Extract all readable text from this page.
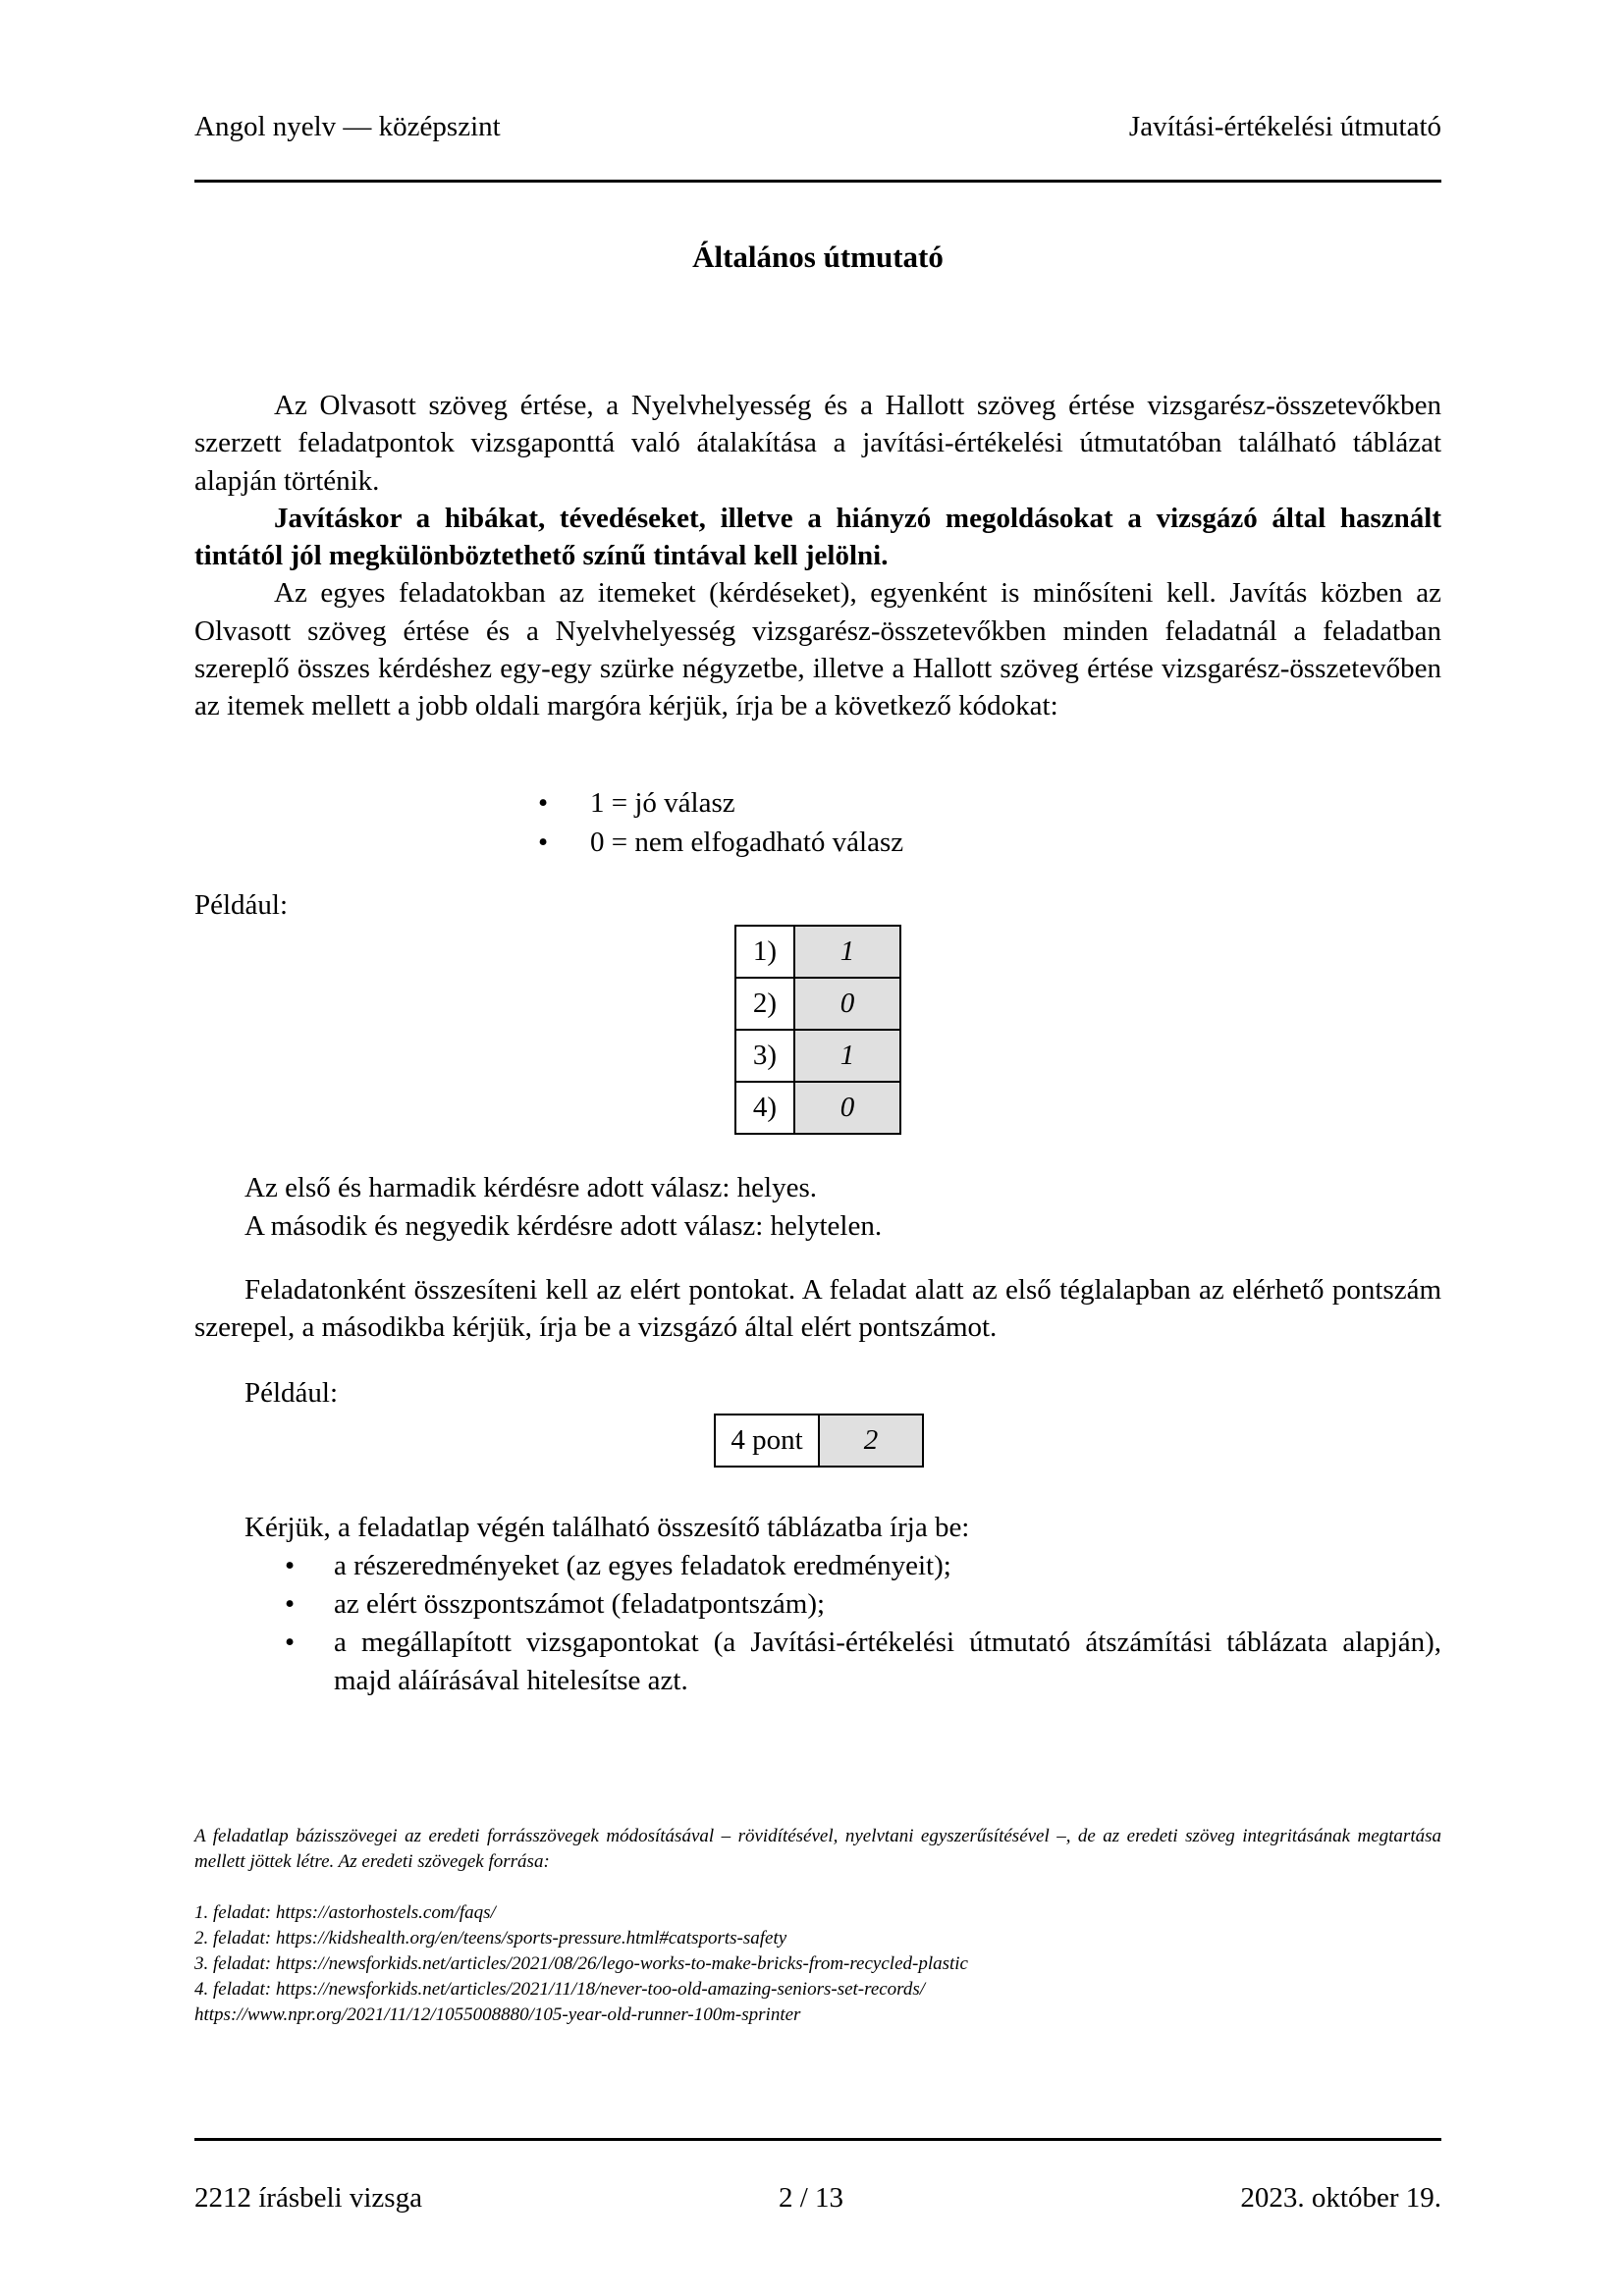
Angol nyelv — középszint	Javítási-értékelési útmutató
Általános útmutató

Az Olvasott szöveg értése, a Nyelvhelyesség és a Hallott szöveg értése vizsgarész-összetevőkben szerzett feladatpontok vizsgaponttá való átalakítása a javítási-értékelési útmutatóban található táblázat alapján történik.

Javításkor a hibákat, tévedéseket, illetve a hiányzó megoldásokat a vizsgázó által használt tintától jól megkülönböztethető színű tintával kell jelölni.

Az egyes feladatokban az itemeket (kérdéseket), egyenként is minősíteni kell. Javítás közben az Olvasott szöveg értése és a Nyelvhelyesség vizsgarész-összetevőkben minden feladatnál a feladatban szereplő összes kérdéshez egy-egy szürke négyzetbe, illetve a Hallott szöveg értése vizsgarész-összetevőben az itemek mellett a jobb oldali margóra kérjük, írja be a következő kódokat:

• 1 = jó válasz
• 0 = nem elfogadható válasz
Például:
1)	1
2)	0
3)	1
4)	0
Az első és harmadik kérdésre adott válasz: helyes.
A második és negyedik kérdésre adott válasz: helytelen.

Feladatonként összesíteni kell az elért pontokat. A feladat alatt az első téglalapban az elérhető pontszám szerepel, a másodikba kérjük, írja be a vizsgázó által elért pontszámot.

Például:
4 pont	2
Kérjük, a feladatlap végén található összesítő táblázatba írja be:
• a részeredményeket (az egyes feladatok eredményeit);
• az elért összpontszámot (feladatpontszám);
• a megállapított vizsgapontokat (a Javítási-értékelési útmutató átszámítási táblázata alapján), majd aláírásával hitelesítse azt.

A feladatlap bázisszövegei az eredeti forrásszövegek módosításával – rövidítésével, nyelvtani egyszerűsítésével –, de az eredeti szöveg integritásának megtartása mellett jöttek létre. Az eredeti szövegek forrása:

1. feladat: https://astorhostels.com/faqs/
2. feladat: https://kidshealth.org/en/teens/sports-pressure.html#catsports-safety
3. feladat: https://newsforkids.net/articles/2021/08/26/lego-works-to-make-bricks-from-recycled-plastic
4. feladat: https://newsforkids.net/articles/2021/11/18/never-too-old-amazing-seniors-set-records/
https://www.npr.org/2021/11/12/1055008880/105-year-old-runner-100m-sprinter
2212 írásbeli vizsga	2 / 13	2023. október 19.
